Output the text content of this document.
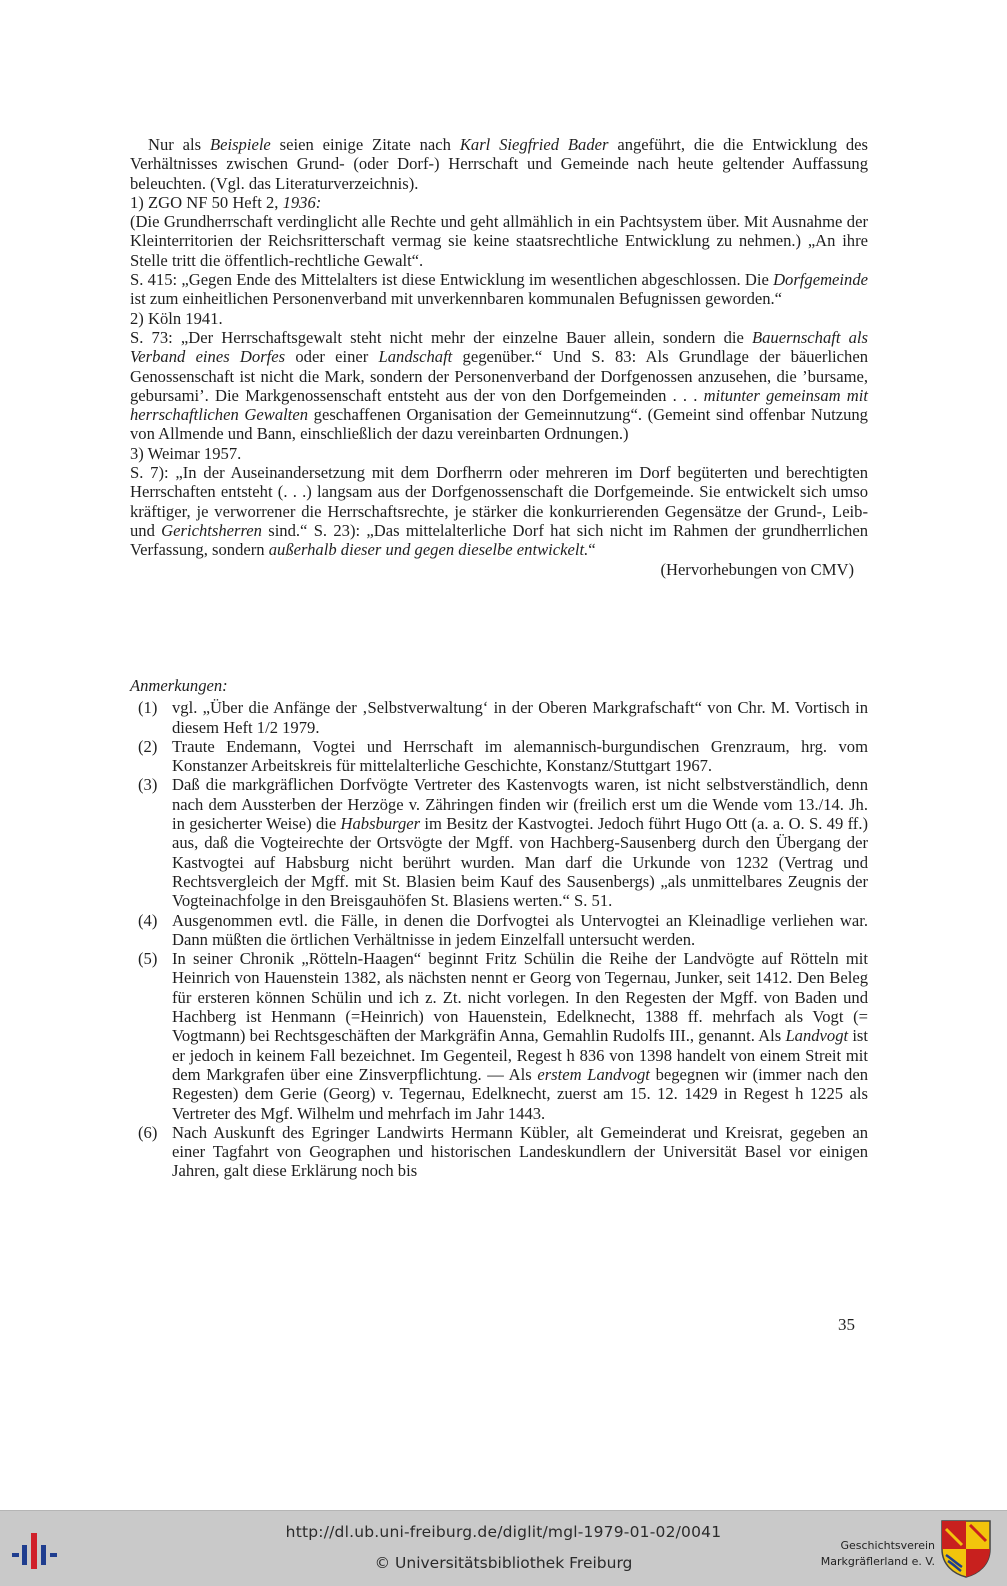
Nur als Beispiele seien einige Zitate nach Karl Siegfried Bader angeführt, die die Entwicklung des Verhältnisses zwischen Grund- (oder Dorf-) Herrschaft und Gemeinde nach heute geltender Auffassung beleuchten. (Vgl. das Literaturverzeichnis).

1) ZGO NF 50 Heft 2, 1936:

(Die Grundherrschaft verdinglicht alle Rechte und geht allmählich in ein Pachtsystem über. Mit Ausnahme der Kleinterritorien der Reichsritterschaft vermag sie keine staatsrechtliche Entwicklung zu nehmen.) „An ihre Stelle tritt die öffentlich-rechtliche Gewalt“.

S. 415: „Gegen Ende des Mittelalters ist diese Entwicklung im wesentlichen abgeschlossen. Die Dorfgemeinde ist zum einheitlichen Personenverband mit unverkennbaren kommunalen Befugnissen geworden.“

2) Köln 1941.

S. 73: „Der Herrschaftsgewalt steht nicht mehr der einzelne Bauer allein, sondern die Bauernschaft als Verband eines Dorfes oder einer Landschaft gegenüber.“ Und S. 83: Als Grundlage der bäuerlichen Genossenschaft ist nicht die Mark, sondern der Personenverband der Dorfgenossen anzusehen, die ’bursame, gebursami’. Die Markgenossenschaft entsteht aus der von den Dorfgemeinden . . . mitunter gemeinsam mit herrschaftlichen Gewalten geschaffenen Organisation der Gemeinnutzung“. (Gemeint sind offenbar Nutzung von Allmende und Bann, einschließlich der dazu vereinbarten Ordnungen.)

3) Weimar 1957.

S. 7): „In der Auseinandersetzung mit dem Dorfherrn oder mehreren im Dorf begüterten und berechtigten Herrschaften entsteht (. . .) langsam aus der Dorfgenossenschaft die Dorfgemeinde. Sie entwickelt sich umso kräftiger, je verworrener die Herrschaftsrechte, je stärker die konkurrierenden Gegensätze der Grund-, Leib- und Gerichtsherren sind.“ S. 23): „Das mittelalterliche Dorf hat sich nicht im Rahmen der grundherrlichen Verfassung, sondern außerhalb dieser und gegen dieselbe entwickelt.“

(Hervorhebungen von CMV)

Anmerkungen:

(1) vgl. „Über die Anfänge der ‚Selbstverwaltung‘ in der Oberen Markgrafschaft“ von Chr. M. Vortisch in diesem Heft 1/2 1979.
(2) Traute Endemann, Vogtei und Herrschaft im alemannisch-burgundischen Grenzraum, hrg. vom Konstanzer Arbeitskreis für mittelalterliche Geschichte, Konstanz/Stuttgart 1967.
(3) Daß die markgräflichen Dorfvögte Vertreter des Kastenvogts waren, ist nicht selbstverständlich, denn nach dem Aussterben der Herzöge v. Zähringen finden wir (freilich erst um die Wende vom 13./14. Jh. in gesicherter Weise) die Habsburger im Besitz der Kastvogtei. Jedoch führt Hugo Ott (a. a. O. S. 49 ff.) aus, daß die Vogteirechte der Ortsvögte der Mgff. von Hachberg-Sausenberg durch den Übergang der Kastvogtei auf Habsburg nicht berührt wurden. Man darf die Urkunde von 1232 (Vertrag und Rechtsvergleich der Mgff. mit St. Blasien beim Kauf des Sausenbergs) „als unmittelbares Zeugnis der Vogteinachfolge in den Breisgauhöfen St. Blasiens werten.“ S. 51.
(4) Ausgenommen evtl. die Fälle, in denen die Dorfvogtei als Untervogtei an Kleinadlige verliehen war. Dann müßten die örtlichen Verhältnisse in jedem Einzelfall untersucht werden.
(5) In seiner Chronik „Rötteln-Haagen“ beginnt Fritz Schülin die Reihe der Landvögte auf Rötteln mit Heinrich von Hauenstein 1382, als nächsten nennt er Georg von Tegernau, Junker, seit 1412. Den Beleg für ersteren können Schülin und ich z. Zt. nicht vorlegen. In den Regesten der Mgff. von Baden und Hachberg ist Henmann (=Heinrich) von Hauenstein, Edelknecht, 1388 ff. mehrfach als Vogt (= Vogtmann) bei Rechtsgeschäften der Markgräfin Anna, Gemahlin Rudolfs III., genannt. Als Landvogt ist er jedoch in keinem Fall bezeichnet. Im Gegenteil, Regest h 836 von 1398 handelt von einem Streit mit dem Markgrafen über eine Zinsverpflichtung. — Als erstem Landvogt begegnen wir (immer nach den Regesten) dem Gerie (Georg) v. Tegernau, Edelknecht, zuerst am 15. 12. 1429 in Regest h 1225 als Vertreter des Mgf. Wilhelm und mehrfach im Jahr 1443.
(6) Nach Auskunft des Egringer Landwirts Hermann Kübler, alt Gemeinderat und Kreisrat, gegeben an einer Tagfahrt von Geographen und historischen Landeskundlern der Universität Basel vor einigen Jahren, galt diese Erklärung noch bis
35
http://dl.ub.uni-freiburg.de/diglit/mgl-1979-01-02/0041
© Universitätsbibliothek Freiburg
Geschichtsverein
Markgräflerland e. V.
